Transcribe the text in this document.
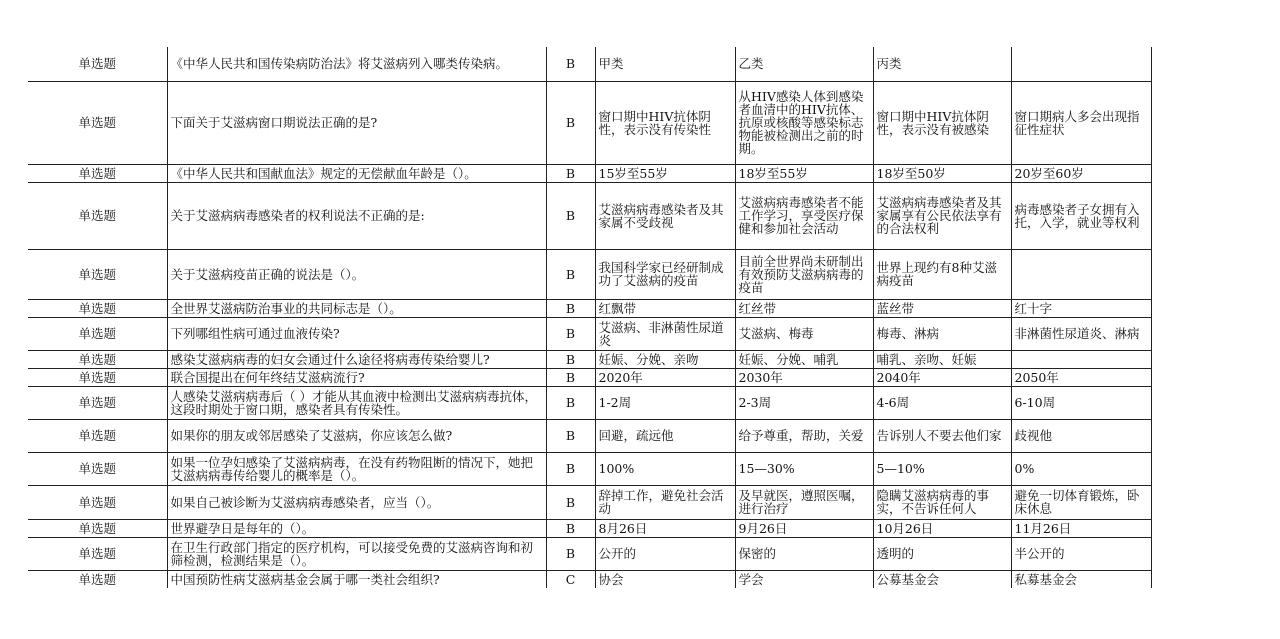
单选题	《中华人民共和国传染病防治法》将艾滋病列入哪类传染病。	B	甲类	乙类	丙类	
单选题	下面关于艾滋病窗口期说法正确的是?	B	窗口期中HIV抗体阴性，表示没有传染性	从HIV感染人体到感染者血清中的HIV抗体、抗原或核酸等感染标志物能被检测出之前的时期。	窗口期中HIV抗体阴性，表示没有被感染	窗口期病人多会出现指征性症状
单选题	《中华人民共和国献血法》规定的无偿献血年龄是（）。	B	15岁至55岁	18岁至55岁	18岁至50岁	20岁至60岁
单选题	关于艾滋病病毒感染者的权利说法不正确的是:	B	艾滋病病毒感染者及其家属不受歧视	艾滋病病毒感染者不能工作学习，享受医疗保健和参加社会活动	艾滋病病毒感染者及其家属享有公民依法享有的合法权利	病毒感染者子女拥有入托，入学，就业等权利
单选题	关于艾滋病疫苗正确的说法是（）。	B	我国科学家已经研制成功了艾滋病的疫苗	目前全世界尚未研制出有效预防艾滋病病毒的疫苗	世界上现约有8种艾滋病疫苗	
单选题	全世界艾滋病防治事业的共同标志是（）。	B	红飘带	红丝带	蓝丝带	红十字
单选题	下列哪组性病可通过血液传染?	B	艾滋病、非淋菌性尿道炎	艾滋病、梅毒	梅毒、淋病	非淋菌性尿道炎、淋病
单选题	感染艾滋病病毒的妇女会通过什么途径将病毒传染给婴儿?	B	妊娠、分娩、亲吻	妊娠、分娩、哺乳	哺乳、亲吻、妊娠	
单选题	联合国提出在何年终结艾滋病流行?	B	2020年	2030年	2040年	2050年
单选题	人感染艾滋病病毒后（ ）才能从其血液中检测出艾滋病病毒抗体，这段时期处于窗口期，感染者具有传染性。	B	1-2周	2-3周	4-6周	6-10周
单选题	如果你的朋友或邻居感染了艾滋病，你应该怎么做?	B	回避，疏远他	给予尊重，帮助，关爱	告诉别人不要去他们家	歧视他
单选题	如果一位孕妇感染了艾滋病病毒，在没有药物阻断的情况下，她把艾滋病病毒传给婴儿的概率是（）。	B	100%	15—30%	5—10%	0%
单选题	如果自己被诊断为艾滋病病毒感染者，应当（）。	B	辞掉工作，避免社会活动	及早就医，遵照医嘱，进行治疗	隐瞒艾滋病病毒的事实，不告诉任何人	避免一切体育锻炼，卧床休息
单选题	世界避孕日是每年的（）。	B	8月26日	9月26日	10月26日	11月26日
单选题	在卫生行政部门指定的医疗机构，可以接受免费的艾滋病咨询和初筛检测，检测结果是（）。	B	公开的	保密的	透明的	半公开的
单选题	中国预防性病艾滋病基金会属于哪一类社会组织?	C	协会	学会	公募基金会	私募基金会
